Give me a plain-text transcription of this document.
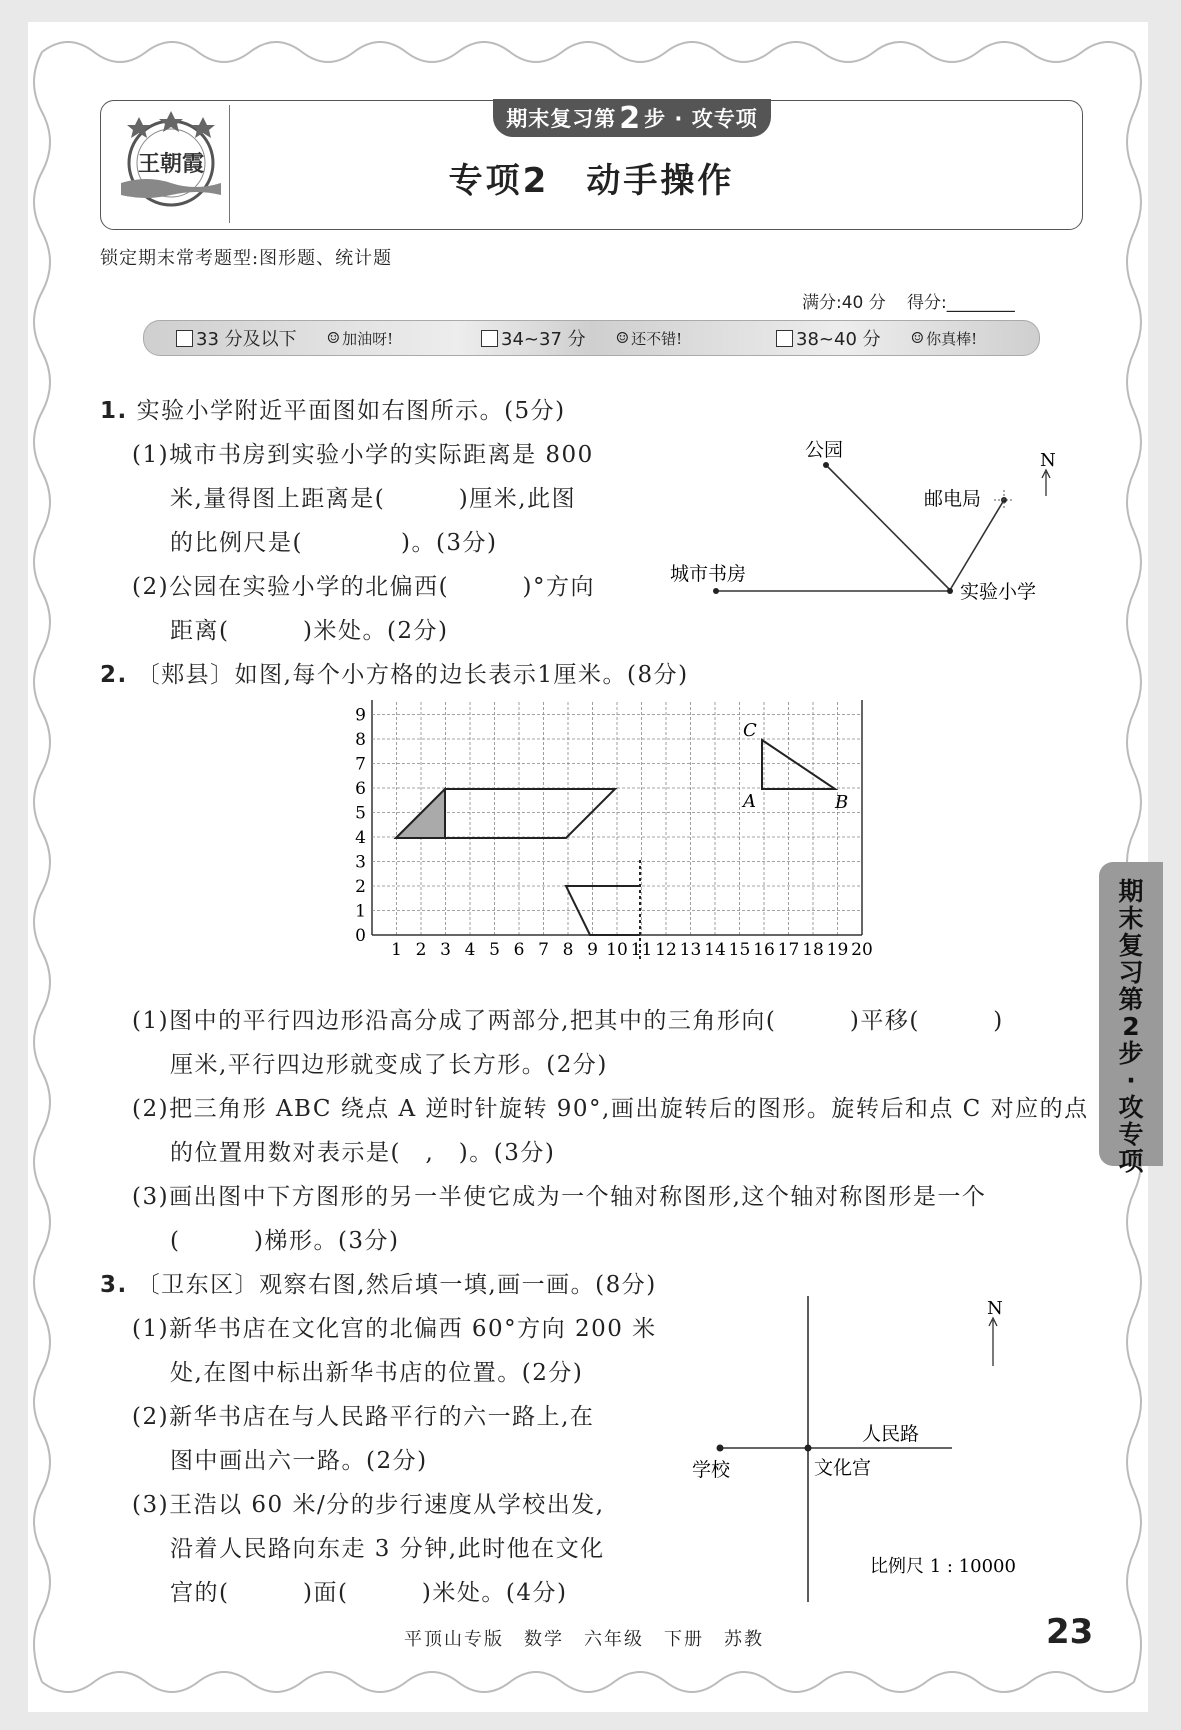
王朝霞
期末复习第 2 步 · 攻专项
专项2　动手操作
锁定期末常考题型:图形题、统计题
满分:40 分 得分:________
33 分及以下 ☺ 加油呀!	34~37 分 ☺ 还不错!	38~40 分 ☺ 你真棒!
1. 实验小学附近平面图如右图所示。(5分)
(1)城市书房到实验小学的实际距离是 800
米,量得图上距离是(　　　)厘米,此图
的比例尺是(　　　　)。(3分)
(2)公园在实验小学的北偏西(　　　)°方向
距离(　　　)米处。(2分)
公园
邮电局
城市书房
实验小学
N
2. 〔郏县〕如图,每个小方格的边长表示1厘米。(8分)
0
1
2
3
4
5
6
7
8
9
1 2 3 4 5 6 7 8 9 10 11 12 13 14 15 16 17 18 19 20
C
A	B
(1)图中的平行四边形沿高分成了两部分,把其中的三角形向(　　　)平移(　　　)
厘米,平行四边形就变成了长方形。(2分)
(2)把三角形 ABC 绕点 A 逆时针旋转 90°,画出旋转后的图形。旋转后和点 C 对应的点
的位置用数对表示是(　,　)。(3分)
(3)画出图中下方图形的另一半使它成为一个轴对称图形,这个轴对称图形是一个
(　　　)梯形。(3分)
3. 〔卫东区〕观察右图,然后填一填,画一画。(8分)
(1)新华书店在文化宫的北偏西 60°方向 200 米
处,在图中标出新华书店的位置。(2分)
(2)新华书店在与人民路平行的六一路上,在
图中画出六一路。(2分)
(3)王浩以 60 米/分的步行速度从学校出发,
沿着人民路向东走 3 分钟,此时他在文化
宫的(　　　)面(　　　)米处。(4分)
N
人民路
学校	文化宫
比例尺 1 : 10000
期末复习第2步·攻专项
平顶山专版　数学　六年级　下册　苏教	23
